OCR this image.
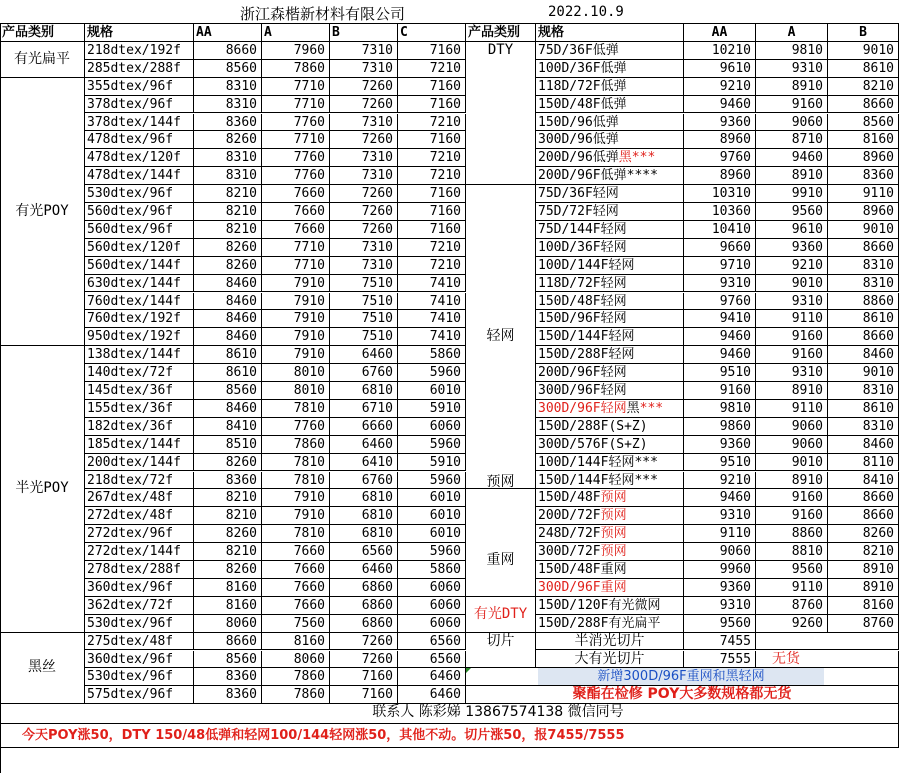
浙江森楷新材料有限公司	2022.10.9
产品类别	规格	AA	A	B	C
有光扁平
218dtex/192f	8660	7960	7310	7160
285dtex/288f	8560	7860	7310	7210
有光POY
355dtex/96f	8310	7710	7260	7160
378dtex/96f	8310	7710	7260	7160
378dtex/144f	8360	7760	7310	7210
478dtex/96f	8260	7710	7260	7160
478dtex/120f	8310	7760	7310	7210
478dtex/144f	8310	7760	7310	7210
530dtex/96f	8210	7660	7260	7160
560dtex/96f	8210	7660	7260	7160
560dtex/96f	8210	7660	7260	7160
560dtex/120f	8260	7710	7310	7210
560dtex/144f	8260	7710	7310	7210
630dtex/144f	8460	7910	7510	7410
760dtex/144f	8460	7910	7510	7410
760dtex/192f	8460	7910	7510	7410
950dtex/192f	8460	7910	7510	7410
半光POY
138dtex/144f	8610	7910	6460	5860
140dtex/72f	8610	8010	6760	5960
145dtex/36f	8560	8010	6810	6010
155dtex/36f	8460	7810	6710	5910
182dtex/36f	8410	7760	6660	6060
185dtex/144f	8510	7860	6460	5960
200dtex/144f	8260	7810	6410	5910
218dtex/72f	8360	7810	6760	5960
267dtex/48f	8210	7910	6810	6010
272dtex/48f	8210	7910	6810	6010
272dtex/96f	8260	7810	6810	6010
272dtex/144f	8210	7660	6560	5960
278dtex/288f	8260	7660	6460	5860
360dtex/96f	8160	7660	6860	6060
362dtex/72f	8160	7660	6860	6060
530dtex/96f	8060	7560	6860	6060
黑丝
275dtex/48f	8660	8160	7260	6560
360dtex/96f	8560	8060	7260	6560
530dtex/96f	8360	7860	7160	6460
575dtex/96f	8360	7860	7160	6460
产品类别	规格	AA	A	B
75D/36F低弹	10210	9810	9010
100D/36F低弹	9610	9310	8610
118D/72F低弹	9210	8910	8210
150D/48F低弹	9460	9160	8660
150D/96低弹	9360	9060	8560
300D/96低弹	8960	8710	8160
200D/96低弹黑***	9760	9460	8960
200D/96F低弹****	8960	8910	8360
75D/36F轻网	10310	9910	9110
75D/72F轻网	10360	9560	8960
75D/144F轻网	10410	9610	9010
100D/36F轻网	9660	9360	8660
100D/144F轻网	9710	9210	8310
118D/72F轻网	9310	9010	8310
150D/48F轻网	9760	9310	8860
150D/96F轻网	9410	9110	8610
150D/144F轻网	9460	9160	8660
150D/288F轻网	9460	9160	8460
200D/96F轻网	9510	9310	9010
300D/96F轻网	9160	8910	8310
300D/96F轻网黑***	9810	9110	8610
150D/288F(S+Z)	9860	9060	8310
300D/576F(S+Z)	9360	9060	8460
100D/144F轻网***	9510	9010	8110
150D/144F轻网***	9210	8910	8410
150D/48F预网	9460	9160	8660
200D/72F预网	9310	9160	8660
248D/72F预网	9110	8860	8260
300D/72F预网	9060	8810	8210
150D/48F重网	9960	9560	8910
300D/96F重网	9360	9110	8910
150D/120F有光微网	9310	8760	8160
150D/288F有光扁平	9560	9260	8760
DTY
轻网
预网
重网
有光DTY
切片	半消光切片	7455
大有光切片	7555	无货
新增300D/96F重网和黑轻网
聚酯在检修 POY大多数规格都无货
联系人 陈彩娣 13867574138 微信同号
今天POY涨50，DTY 150/48低弹和轻网100/144轻网涨50，其他不动。切片涨50，报7455/7555
